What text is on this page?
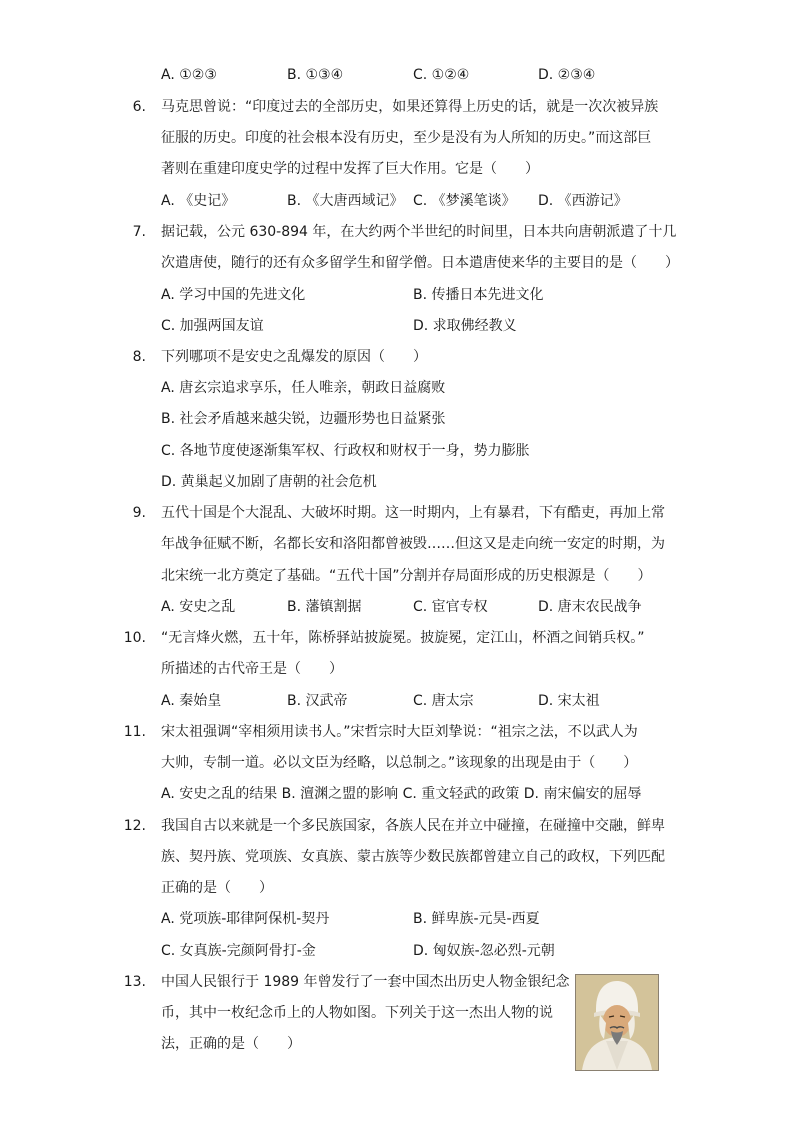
A. ①②③	B. ①③④	C. ①②④	D. ②③④
6. 马克思曾说：“印度过去的全部历史，如果还算得上历史的话，就是一次次被异族
征服的历史。印度的社会根本没有历史，至少是没有为人所知的历史。”而这部巨
著则在重建印度史学的过程中发挥了巨大作用。它是（　　）
A. 《史记》	B. 《大唐西域记》 C. 《梦溪笔谈》 D. 《西游记》
7. 据记载，公元 630-894 年，在大约两个半世纪的时间里，日本共向唐朝派遣了十几
次遣唐使，随行的还有众多留学生和留学僧。日本遣唐使来华的主要目的是（　　）
A. 学习中国的先进文化	B. 传播日本先进文化
C. 加强两国友谊	D. 求取佛经教义
8. 下列哪项不是安史之乱爆发的原因（　　）
A. 唐玄宗追求享乐，任人唯亲，朝政日益腐败
B. 社会矛盾越来越尖锐，边疆形势也日益紧张
C. 各地节度使逐渐集军权、行政权和财权于一身，势力膨胀
D. 黄巢起义加剧了唐朝的社会危机
9. 五代十国是个大混乱、大破坏时期。这一时期内，上有暴君，下有酷吏，再加上常
年战争征赋不断，名都长安和洛阳都曾被毁……但这又是走向统一安定的时期，为
北宋统一北方奠定了基础。“五代十国”分割并存局面形成的历史根源是（　　）
A. 安史之乱	B. 藩镇割据	C. 宦官专权	D. 唐末农民战争
10. “无言烽火燃，五十年，陈桥驿站披旋冕。披旋冕，定江山，杯酒之间销兵权。”
所描述的古代帝王是（　　）
A. 秦始皇	B. 汉武帝	C. 唐太宗	D. 宋太祖
11. 宋太祖强调“宰相须用读书人。”宋哲宗时大臣刘挚说：“祖宗之法，不以武人为
大帅，专制一道。必以文臣为经略，以总制之。”该现象的出现是由于（　　）
A. 安史之乱的结果 B. 澶渊之盟的影响 C. 重文轻武的政策 D. 南宋偏安的屈辱
12. 我国自古以来就是一个多民族国家，各族人民在并立中碰撞，在碰撞中交融，鲜卑
族、契丹族、党项族、女真族、蒙古族等少数民族都曾建立自己的政权，下列匹配
正确的是（　　）
A. 党项族-耶律阿保机-契丹	B. 鲜卑族-元昊-西夏
C. 女真族-完颜阿骨打-金	D. 匈奴族-忽必烈-元朝
13. 中国人民银行于 1989 年曾发行了一套中国杰出历史人物金银纪念
币，其中一枚纪念币上的人物如图。下列关于这一杰出人物的说
法，正确的是（　　）
